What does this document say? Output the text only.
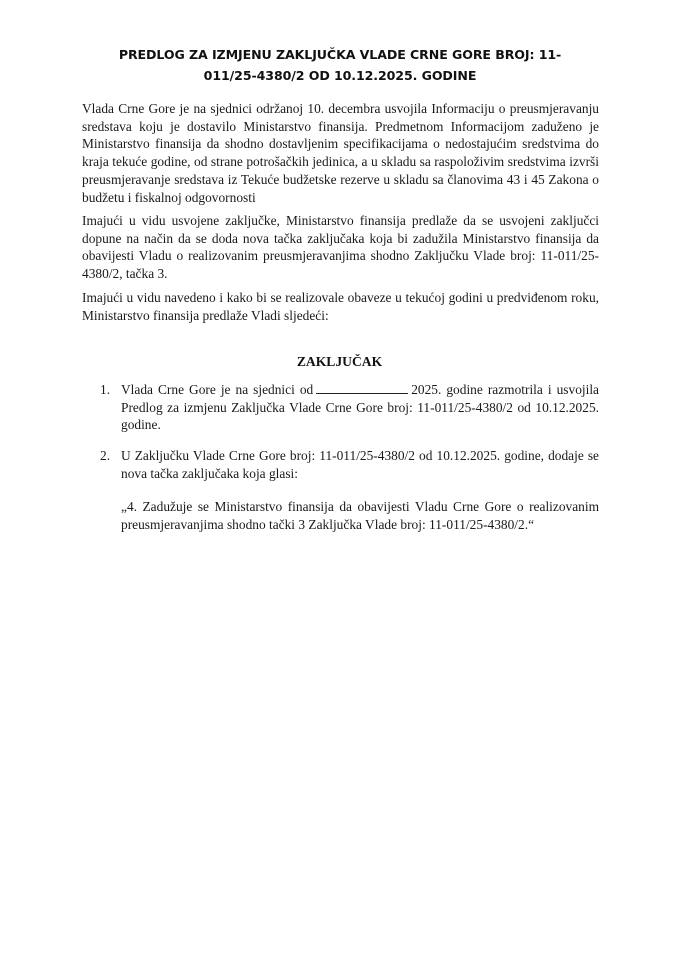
PREDLOG ZA IZMJENU ZAKLJUČKA VLADE CRNE GORE BROJ: 11-011/25-4380/2 OD 10.12.2025. GODINE
Vlada Crne Gore je na sjednici održanoj 10. decembra usvojila Informaciju o preusmjeravanju sredstava koju je dostavilo Ministarstvo finansija. Predmetnom Informacijom zaduženo je Ministarstvo finansija da shodno dostavljenim specifikacijama o nedostajućim sredstvima do kraja tekuće godine, od strane potrošačkih jedinica, a u skladu sa raspoloživim sredstvima izvrši preusmjeravanje sredstava iz Tekuće budžetske rezerve u skladu sa članovima 43 i 45 Zakona o budžetu i fiskalnoj odgovornosti
Imajući u vidu usvojene zaključke, Ministarstvo finansija predlaže da se usvojeni zaključci dopune na način da se doda nova tačka zaključaka koja bi zadužila Ministarstvo finansija da obavijesti Vladu o realizovanim preusmjeravanjima shodno Zaključku Vlade broj: 11-011/25-4380/2, tačka 3.
Imajući u vidu navedeno i kako bi se realizovale obaveze u tekućoj godini u predviđenom roku, Ministarstvo finansija predlaže Vladi sljedeći:
ZAKLJUČAK
1. Vlada Crne Gore je na sjednici od	2025. godine razmotrila i usvojila Predlog za izmjenu Zaključka Vlade Crne Gore broj: 11-011/25-4380/2 od 10.12.2025. godine.
2. U Zaključku Vlade Crne Gore broj: 11-011/25-4380/2 od 10.12.2025. godine, dodaje se nova tačka zaključaka koja glasi:
„4. Zadužuje se Ministarstvo finansija da obavijesti Vladu Crne Gore o realizovanim preusmjeravanjima shodno tački 3 Zaključka Vlade broj: 11-011/25-4380/2.“
